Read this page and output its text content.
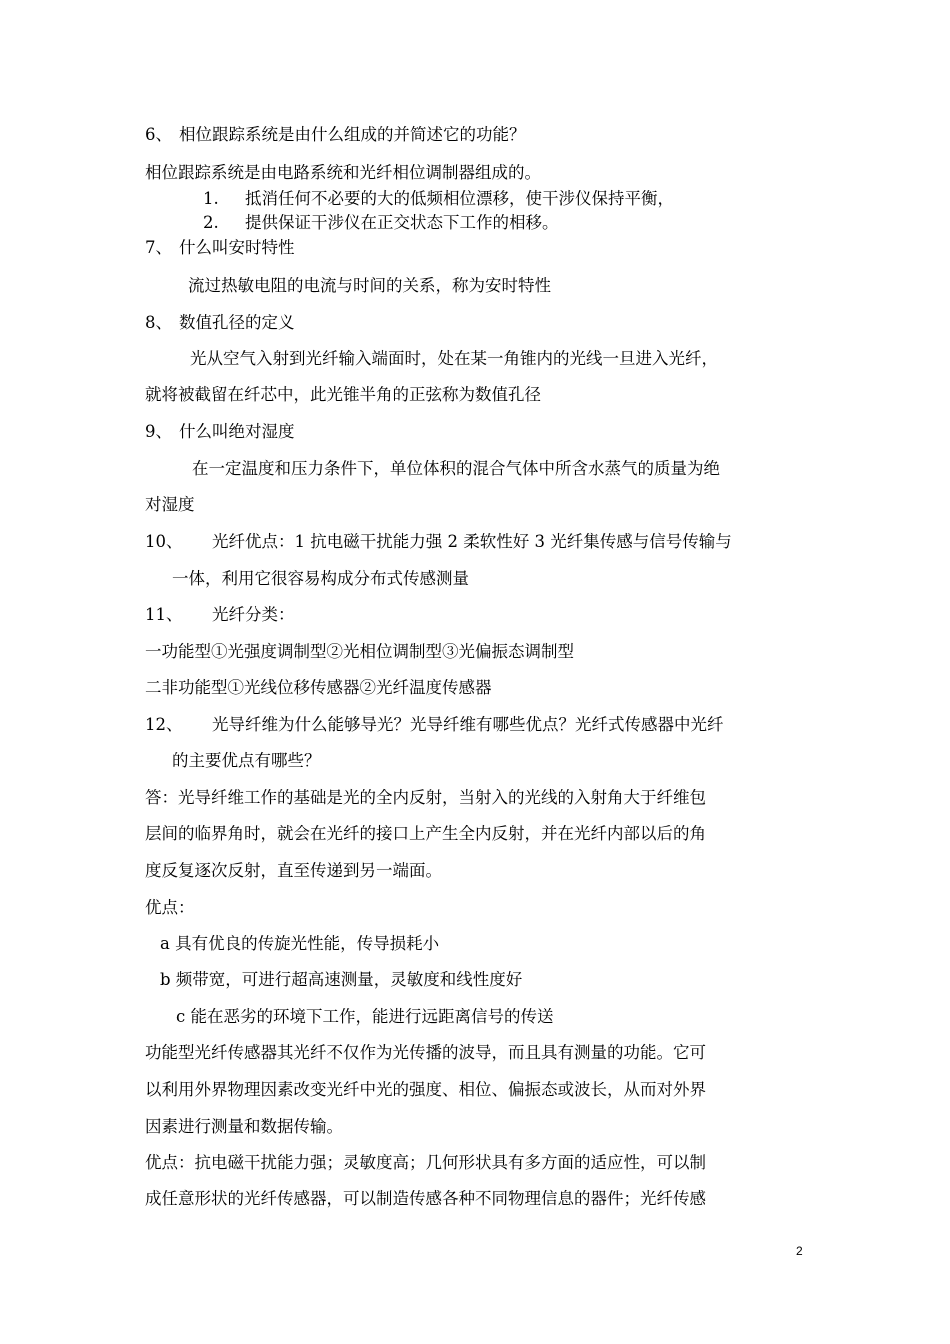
6、 相位跟踪系统是由什么组成的并简述它的功能？
相位跟踪系统是由电路系统和光纤相位调制器组成的。
1. 抵消任何不必要的大的低频相位漂移，使干涉仪保持平衡，
2. 提供保证干涉仪在正交状态下工作的相移。
7、 什么叫安时特性
流过热敏电阻的电流与时间的关系，称为安时特性
8、 数值孔径的定义
光从空气入射到光纤输入端面时，处在某一角锥内的光线一旦进入光纤，
就将被截留在纤芯中，此光锥半角的正弦称为数值孔径
9、 什么叫绝对湿度
在一定温度和压力条件下，单位体积的混合气体中所含水蒸气的质量为绝
对湿度
10、 光纤优点：1 抗电磁干扰能力强 2 柔软性好 3 光纤集传感与信号传输与
一体，利用它很容易构成分布式传感测量
11、 光纤分类：
一功能型①光强度调制型②光相位调制型③光偏振态调制型
二非功能型①光线位移传感器②光纤温度传感器
12、 光导纤维为什么能够导光？光导纤维有哪些优点？光纤式传感器中光纤
的主要优点有哪些？
答：光导纤维工作的基础是光的全内反射，当射入的光线的入射角大于纤维包
层间的临界角时，就会在光纤的接口上产生全内反射，并在光纤内部以后的角
度反复逐次反射，直至传递到另一端面。
优点：
a 具有优良的传旋光性能，传导损耗小
b 频带宽，可进行超高速测量，灵敏度和线性度好
c 能在恶劣的环境下工作，能进行远距离信号的传送
功能型光纤传感器其光纤不仅作为光传播的波导，而且具有测量的功能。它可
以利用外界物理因素改变光纤中光的强度、相位、偏振态或波长，从而对外界
因素进行测量和数据传输。
优点：抗电磁干扰能力强；灵敏度高；几何形状具有多方面的适应性，可以制
成任意形状的光纤传感器，可以制造传感各种不同物理信息的器件；光纤传感
2
